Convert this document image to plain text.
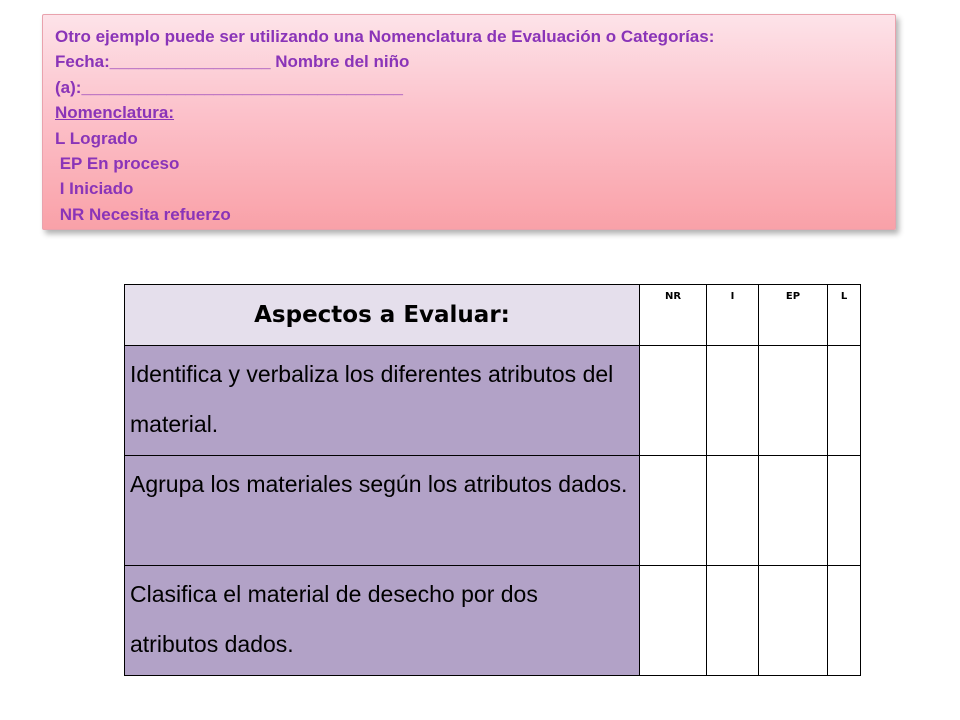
Otro ejemplo puede ser utilizando una Nomenclatura de Evaluación o Categorías:
Fecha:_________________ Nombre del niño
(a):__________________________________
Nomenclatura:
L Logrado
EP En proceso
I Iniciado
NR Necesita refuerzo
Aspectos a Evaluar:	NR	I	EP	L
Identifica y verbaliza los diferentes atributos del material.				
Agrupa los materiales según los atributos dados.				
Clasifica el material de desecho por dos atributos dados.				
